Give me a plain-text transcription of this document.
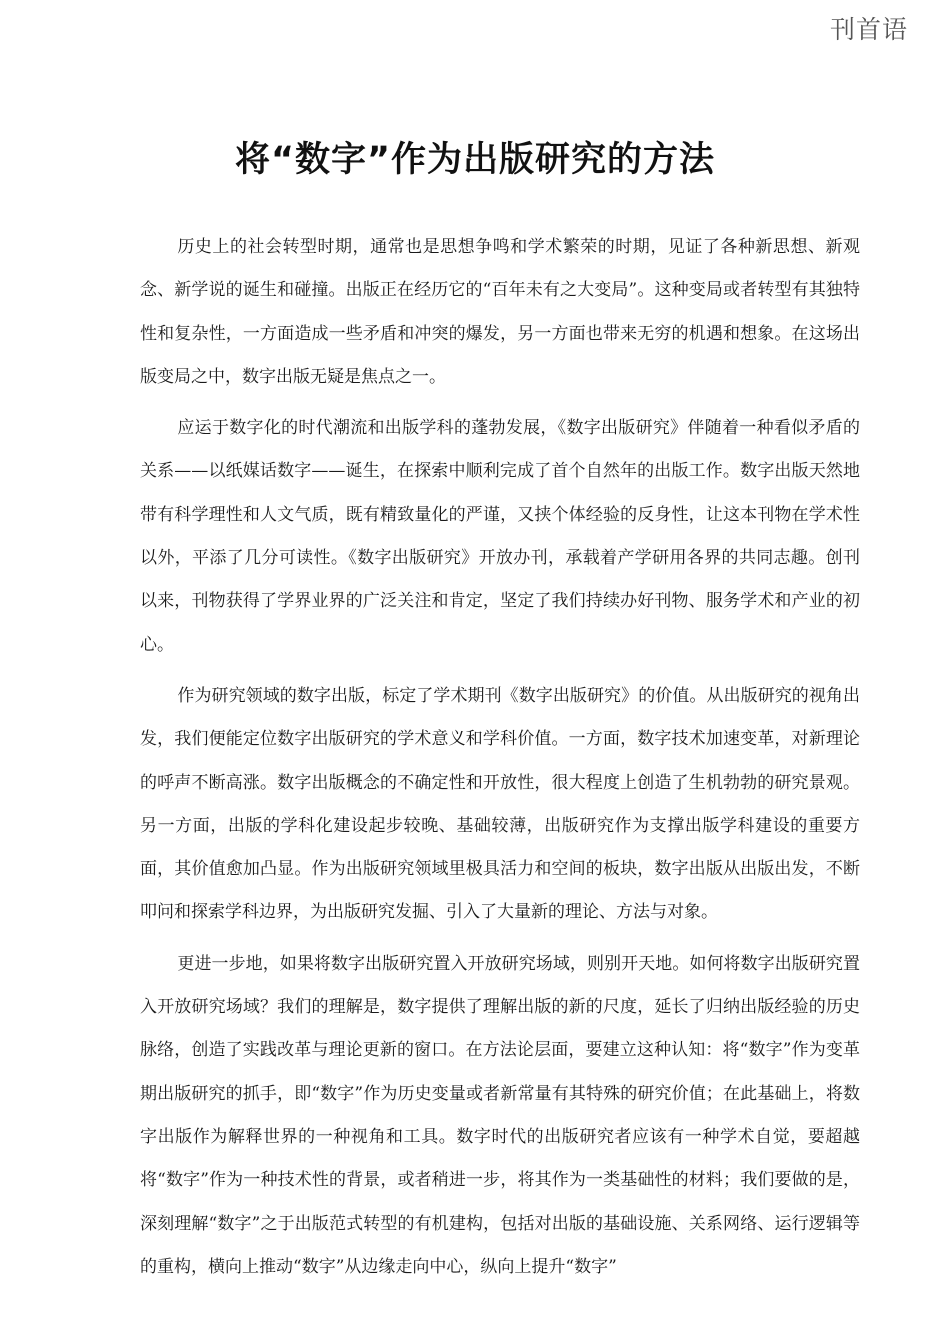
刊首语
将“数字”作为出版研究的方法

历史上的社会转型时期，通常也是思想争鸣和学术繁荣的时期，见证了各种新思想、新观念、新学说的诞生和碰撞。出版正在经历它的“百年未有之大变局”。这种变局或者转型有其独特性和复杂性，一方面造成一些矛盾和冲突的爆发，另一方面也带来无穷的机遇和想象。在这场出版变局之中，数字出版无疑是焦点之一。

应运于数字化的时代潮流和出版学科的蓬勃发展，《数字出版研究》伴随着一种看似矛盾的关系——以纸媒话数字——诞生，在探索中顺利完成了首个自然年的出版工作。数字出版天然地带有科学理性和人文气质，既有精致量化的严谨，又挟个体经验的反身性，让这本刊物在学术性以外，平添了几分可读性。《数字出版研究》开放办刊，承载着产学研用各界的共同志趣。创刊以来，刊物获得了学界业界的广泛关注和肯定，坚定了我们持续办好刊物、服务学术和产业的初心。

作为研究领域的数字出版，标定了学术期刊《数字出版研究》的价值。从出版研究的视角出发，我们便能定位数字出版研究的学术意义和学科价值。一方面，数字技术加速变革，对新理论的呼声不断高涨。数字出版概念的不确定性和开放性，很大程度上创造了生机勃勃的研究景观。另一方面，出版的学科化建设起步较晚、基础较薄，出版研究作为支撑出版学科建设的重要方面，其价值愈加凸显。作为出版研究领域里极具活力和空间的板块，数字出版从出版出发，不断叩问和探索学科边界，为出版研究发掘、引入了大量新的理论、方法与对象。

更进一步地，如果将数字出版研究置入开放研究场域，则别开天地。如何将数字出版研究置入开放研究场域？我们的理解是，数字提供了理解出版的新的尺度，延长了归纳出版经验的历史脉络，创造了实践改革与理论更新的窗口。在方法论层面，要建立这种认知：将“数字”作为变革期出版研究的抓手，即“数字”作为历史变量或者新常量有其特殊的研究价值；在此基础上，将数字出版作为解释世界的一种视角和工具。数字时代的出版研究者应该有一种学术自觉，要超越将“数字”作为一种技术性的背景，或者稍进一步，将其作为一类基础性的材料；我们要做的是，深刻理解“数字”之于出版范式转型的有机建构，包括对出版的基础设施、关系网络、运行逻辑等的重构，横向上推动“数字”从边缘走向中心，纵向上提升“数字”
